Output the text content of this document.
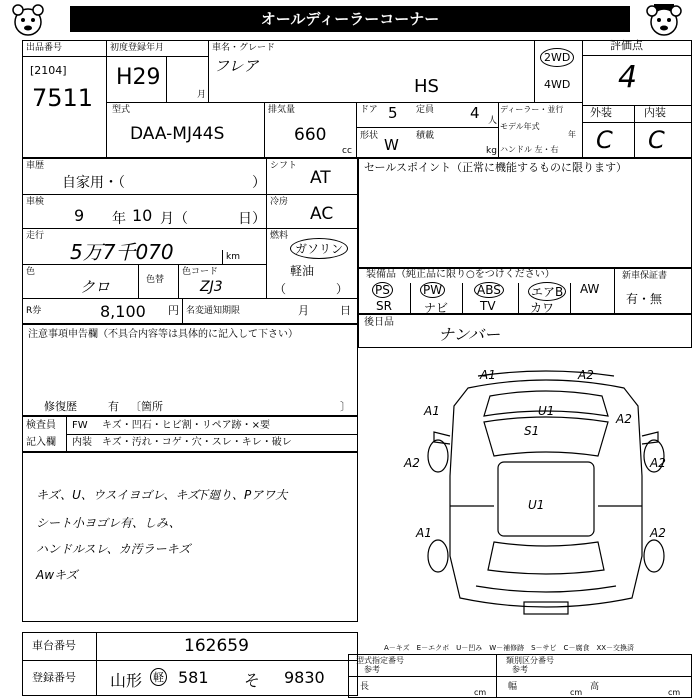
オールディーラーコーナー
出品番号
[2104]
7511
初度登録年月
H29
月
車名・グレード
フレア
HS
2WD
4WD
評価点
4
外装	内装
C C
型式
DAA-MJ44S
排気量
660
cc
ドア 5 定員 4 人
形状 W 積載
kg
ディーラー・並行
モデル年式
年
ハンドル 左・右
車歴
自家用・（	）
シフト
AT
車検
9 年 10 月（	日）
冷房
AC
走行
5万7千070	km
燃料
ガソリン
軽油
（	）
色
クロ	色替
色コード
ZJ3
R券	8,100 円 名変通知期限	月	日
セールスポイント（正常に機能するものに限ります）
装備品（純正品に限り○をつけください）	新車保証書
有・無
PS	PW	ABS	エアB AW
SR	ナビ	TV	カワ
後日品
ナンバー
注意事項申告欄（不具合内容等は具体的に記入して下さい）
修復歴	有 〔箇所	〕
検査員
記入欄
FW キズ・凹石・ヒビ割・リペア跡・×要
内装 キズ・汚れ・コゲ・穴・スレ・キレ・破レ
キズ、U、ウスイヨゴレ、キズ
下廻り、Pアワ大
シート小ヨゴレ有、しみ、
ハンドルスレ、カ汚ラーキズ
Awキズ
A1	A2
A1	U1
S1
A2
A2	A2
U1
A1	A2
車台番号	162659
登録番号 山形 軽 581 そ 9830
A－キズ　E－エクボ　U－凹み　W－補修跡　S－サビ　C－腐食　XX－交換済
型式指定番号
参考
類別区分番号
参考
長
cm
幅
cm
高
cm
